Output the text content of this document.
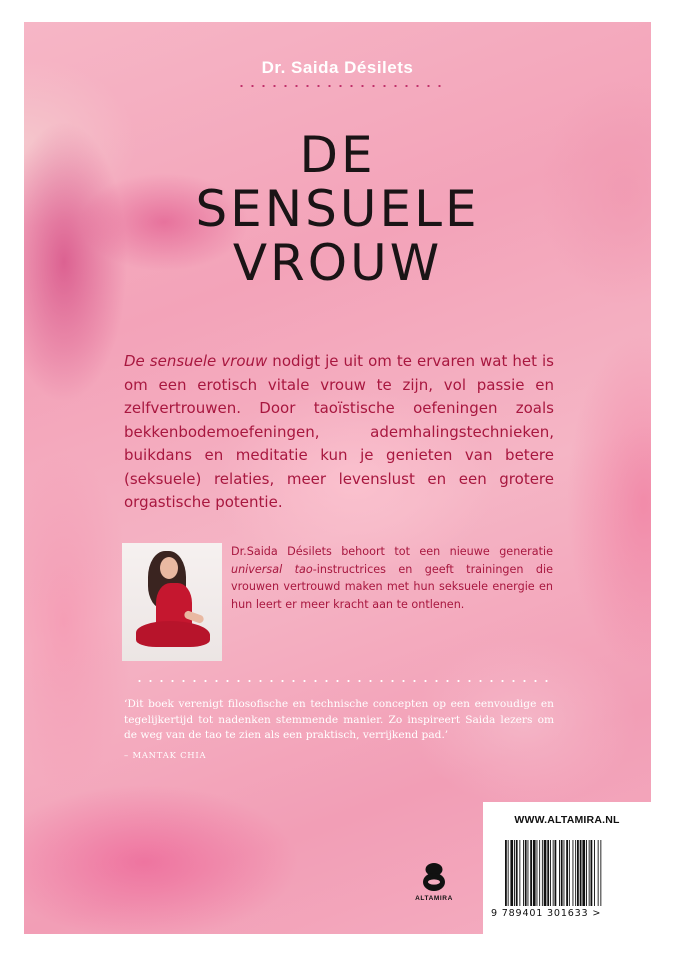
Dr. Saida Désilets
DE
SENSUELE
VROUW
De sensuele vrouw nodigt je uit om te ervaren wat het is om een erotisch vitale vrouw te zijn, vol passie en zelfvertrouwen. Door taoïstische oefeningen zoals bekkenbodemoefeningen, ademhalingstechnieken, buikdans en meditatie kun je genieten van betere (seksuele) relaties, meer levenslust en een grotere orgastische potentie.
Dr.Saida Désilets behoort tot een nieuwe generatie universal tao-instructrices en geeft trainingen die vrouwen vertrouwd maken met hun seksuele energie en hun leert er meer kracht aan te ontlenen.
‘Dit boek verenigt filosofische en technische concepten op een eenvoudige en tegelijkertijd tot nadenken stemmende manier. Zo inspireert Saida lezers om de weg van de tao te zien als een praktisch, verrijkend pad.’
– MANTAK CHIA
ALTAMIRA
WWW.ALTAMIRA.NL
9 789401 301633 >
